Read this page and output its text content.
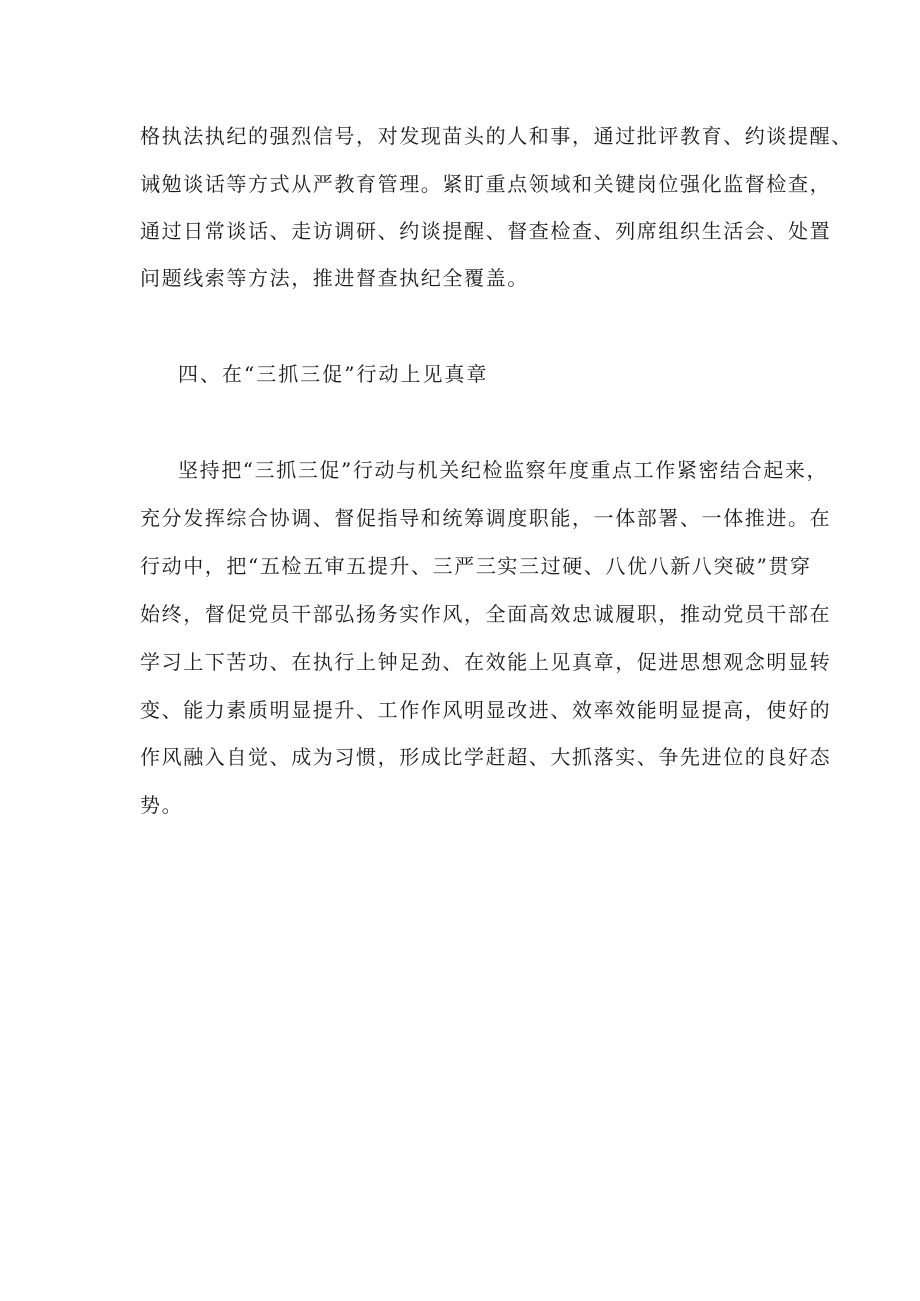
格执法执纪的强烈信号，对发现苗头的人和事，通过批评教育、约谈提醒、
诫勉谈话等方式从严教育管理。紧盯重点领域和关键岗位强化监督检查，
通过日常谈话、走访调研、约谈提醒、督查检查、列席组织生活会、处置
问题线索等方法，推进督查执纪全覆盖。
四、在“三抓三促”行动上见真章
坚持把“三抓三促”行动与机关纪检监察年度重点工作紧密结合起来，
充分发挥综合协调、督促指导和统筹调度职能，一体部署、一体推进。在
行动中，把“五检五审五提升、三严三实三过硬、八优八新八突破”贯穿
始终，督促党员干部弘扬务实作风，全面高效忠诚履职，推动党员干部在
学习上下苦功、在执行上钟足劲、在效能上见真章，促进思想观念明显转
变、能力素质明显提升、工作作风明显改进、效率效能明显提高，使好的
作风融入自觉、成为习惯，形成比学赶超、大抓落实、争先进位的良好态
势。
